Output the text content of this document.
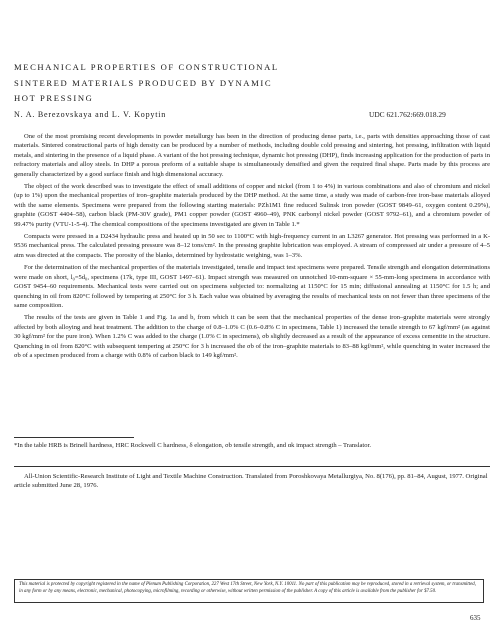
MECHANICAL PROPERTIES OF CONSTRUCTIONAL
SINTERED MATERIALS PRODUCED BY DYNAMIC
HOT PRESSING
N. A. Berezovskaya and L. V. Kopytin	UDC 621.762:669.018.29

One of the most promising recent developments in powder metallurgy has been in the direction of producing dense parts, i.e., parts with densities approaching those of cast materials. Sintered constructional parts of high density can be produced by a number of methods, including double cold pressing and sintering, hot pressing, infiltration with liquid metals, and sintering in the presence of a liquid phase. A variant of the hot pressing technique, dynamic hot pressing (DHP), finds increasing application for the production of parts in refractory materials and alloy steels. In DHP a porous preform of a suitable shape is simultaneously densified and given the required final shape. Parts made by this process are generally characterized by a good surface finish and high dimensional accuracy.

The object of the work described was to investigate the effect of small additions of copper and nickel (from 1 to 4%) in various combinations and also of chromium and nickel (up to 1%) upon the mechanical properties of iron–graphite materials produced by the DHP method. At the same time, a study was made of carbon-free iron-base materials alloyed with the same elements. Specimens were prepared from the following starting materials: PZh1M1 fine reduced Sulinsk iron powder (GOST 9849–61, oxygen content 0.29%), graphite (GOST 4404–58), carbon black (PM-30V grade), PM1 copper powder (GOST 4960–49), PNK carbonyl nickel powder (GOST 9792–61), and a chromium powder of 99.47% purity (VTU-1-5-4). The chemical compositions of the specimens investigated are given in Table 1.*

Compacts were pressed in a D2434 hydraulic press and heated up in 50 sec to 1100°C with high-frequency current in an L3267 generator. Hot pressing was performed in a K-9536 mechanical press. The calculated pressing pressure was 8–12 tons/cm². In the pressing graphite lubrication was employed. A stream of compressed air under a pressure of 4–5 atm was directed at the compacts. The porosity of the blanks, determined by hydrostatic weighing, was 1–3%.

For the determination of the mechanical properties of the materials investigated, tensile and impact test specimens were prepared. Tensile strength and elongation determinations were made on short, l₀=5d₀, specimens (17k, type III, GOST 1497–61). Impact strength was measured on unnotched 10-mm-square × 55-mm-long specimens in accordance with GOST 9454–60 requirements. Mechanical tests were carried out on specimens subjected to: normalizing at 1150°C for 15 min; diffusional annealing at 1150°C for 1.5 h; and quenching in oil from 820°C followed by tempering at 250°C for 3 h. Each value was obtained by averaging the results of mechanical tests on not fewer than three specimens of the same composition.

The results of the tests are given in Table 1 and Fig. 1a and b, from which it can be seen that the mechanical properties of the dense iron–graphite materials were strongly affected by both alloying and heat treatment. The addition to the charge of 0.8–1.0% C (0.6–0.8% C in specimens, Table 1) increased the tensile strength to 67 kgf/mm² (as against 30 kgf/mm² for the pure iron). When 1.2% C was added to the charge (1.0% C in specimens), σb slightly decreased as a result of the appearance of excess cementite in the structure. Quenching in oil from 820°C with subsequent tempering at 250°C for 3 h increased the σb of the iron–graphite materials to 83–88 kgf/mm², while quenching in water increased the σb of a specimen produced from a charge with 0.8% of carbon black to 149 kgf/mm².

*In the table HRB is Brinell hardness, HRC Rockwell C hardness, δ elongation, σb tensile strength, and αk impact strength – Translator.
All-Union Scientific-Research Institute of Light and Textile Machine Construction. Translated from Poroshkovaya Metallurgiya, No. 8(176), pp. 81–84, August, 1977. Original article submitted June 28, 1976.
This material is protected by copyright registered in the name of Plenum Publishing Corporation, 227 West 17th Street, New York, N.Y. 10011. No part of this publication may be reproduced, stored in a retrieval system, or transmitted, in any form or by any means, electronic, mechanical, photocopying, microfilming, recording or otherwise, without written permission of the publisher. A copy of this article is available from the publisher for $7.50.
635
